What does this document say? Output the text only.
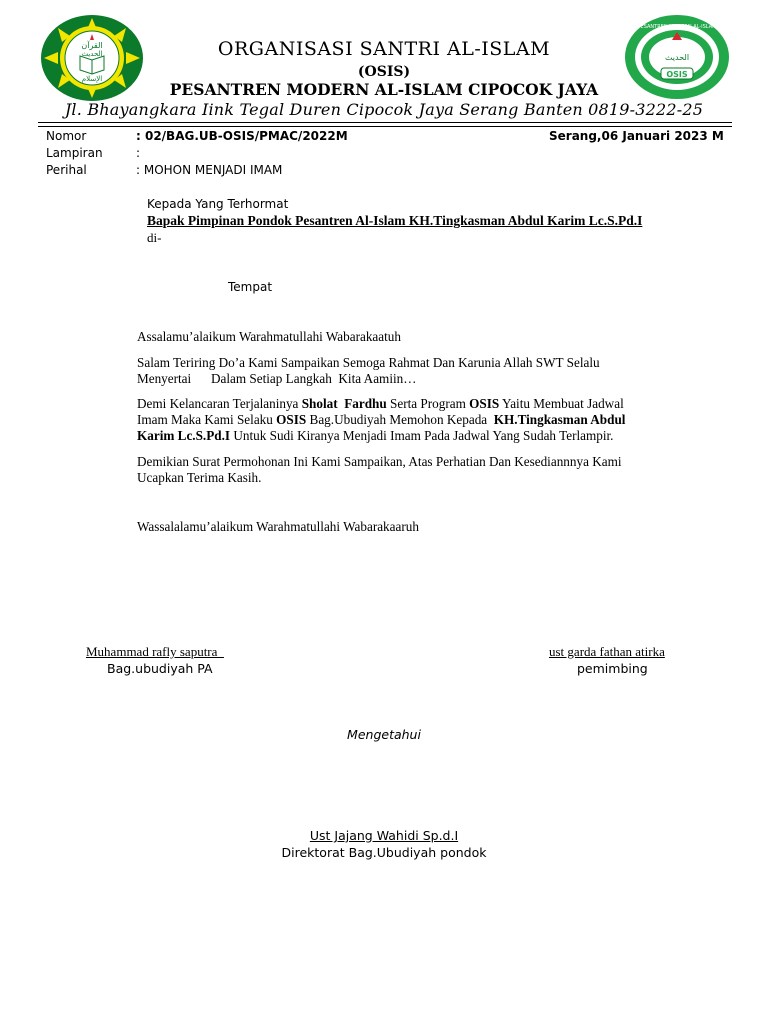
القرآن
الحديث
الإسلام
PESANTREN MODERN AL-ISLAM
الحديث
OSIS
ORGANISASI SANTRI AL-ISLAM
(OSIS)
PESANTREN MODERN AL-ISLAM CIPOCOK JAYA
Jl. Bhayangkara Iink Tegal Duren Cipocok Jaya Serang Banten 0819-3222-25
Nomor	: 02/BAG.UB-OSIS/PMAC/2022M	Serang,06 Januari 2023 M
Lampiran	:
Perihal	: MOHON MENJADI IMAM
Kepada Yang Terhormat
Bapak Pimpinan Pondok Pesantren Al-Islam KH.Tingkasman Abdul Karim Lc.S.Pd.I
di-
Tempat
Assalamu’alaikum Warahmatullahi Wabarakaatuh
Salam Teriring Do’a Kami Sampaikan Semoga Rahmat Dan Karunia Allah SWT Selalu
Menyertai      Dalam Setiap Langkah  Kita Aamiin…
Demi Kelancaran Terjalaninya Sholat  Fardhu Serta Program OSIS Yaitu Membuat Jadwal
Imam Maka Kami Selaku OSIS Bag.Ubudiyah Memohon Kepada  KH.Tingkasman Abdul
Karim Lc.S.Pd.I Untuk Sudi Kiranya Menjadi Imam Pada Jadwal Yang Sudah Terlampir.
Demikian Surat Permohonan Ini Kami Sampaikan, Atas Perhatian Dan Kesediannnya Kami
Ucapkan Terima Kasih.
Wassalalamu’alaikum Warahmatullahi Wabarakaaruh
Muhammad rafly saputra
Bag.ubudiyah PA
ust garda fathan atirka
pemimbing
Mengetahui
Ust Jajang Wahidi Sp.d.I
Direktorat Bag.Ubudiyah pondok
